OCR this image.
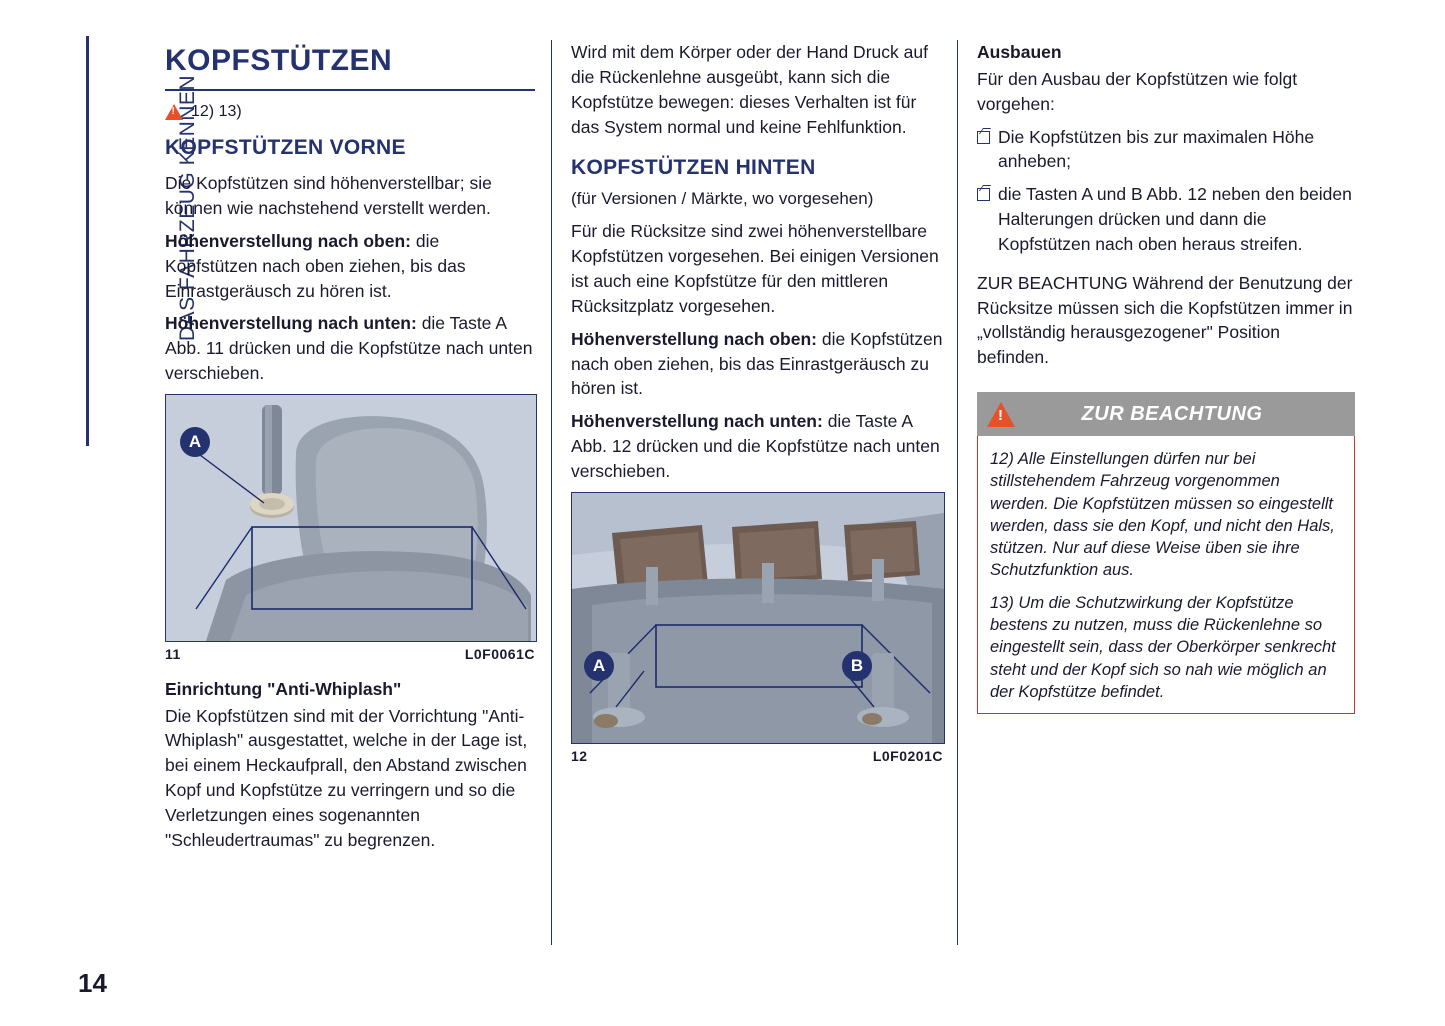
DAS FAHRZEUG KENNEN
KOPFSTÜTZEN
!
12) 13)
KOPFSTÜTZEN VORNE

Die Kopfstützen sind höhenverstellbar; sie können wie nachstehend verstellt werden.

Höhenverstellung nach oben: die Kopfstützen nach oben ziehen, bis das Einrastgeräusch zu hören ist.

Höhenverstellung nach unten: die Taste A Abb. 11 drücken und die Kopfstütze nach unten verschieben.

A
11	L0F0061C
Einrichtung "Anti-Whiplash"

Die Kopfstützen sind mit der Vorrichtung "Anti-Whiplash" ausgestattet, welche in der Lage ist, bei einem Heckaufprall, den Abstand zwischen Kopf und Kopfstütze zu verringern und so die Verletzungen eines sogenannten "Schleudertraumas" zu begrenzen.

Wird mit dem Körper oder der Hand Druck auf die Rückenlehne ausgeübt, kann sich die Kopfstütze bewegen: dieses Verhalten ist für das System normal und keine Fehlfunktion.

KOPFSTÜTZEN HINTEN

(für Versionen / Märkte, wo vorgesehen)

Für die Rücksitze sind zwei höhenverstellbare Kopfstützen vorgesehen. Bei einigen Versionen ist auch eine Kopfstütze für den mittleren Rücksitzplatz vorgesehen.

Höhenverstellung nach oben: die Kopfstützen nach oben ziehen, bis das Einrastgeräusch zu hören ist.

Höhenverstellung nach unten: die Taste A Abb. 12 drücken und die Kopfstütze nach unten verschieben.

A	B
12	L0F0201C
Ausbauen

Für den Ausbau der Kopfstützen wie folgt vorgehen:

Die Kopfstützen bis zur maximalen Höhe anheben;
die Tasten A und B Abb. 12 neben den beiden Halterungen drücken und dann die Kopfstützen nach oben heraus streifen.

ZUR BEACHTUNG Während der Benutzung der Rücksitze müssen sich die Kopfstützen immer in „vollständig herausgezogener" Position befinden.

!
ZUR BEACHTUNG

12) Alle Einstellungen dürfen nur bei stillstehendem Fahrzeug vorgenommen werden. Die Kopfstützen müssen so eingestellt werden, dass sie den Kopf, und nicht den Hals, stützen. Nur auf diese Weise üben sie ihre Schutzfunktion aus.

13) Um die Schutzwirkung der Kopfstütze bestens zu nutzen, muss die Rückenlehne so eingestellt sein, dass der Oberkörper senkrecht steht und der Kopf sich so nah wie möglich an der Kopfstütze befindet.

14
